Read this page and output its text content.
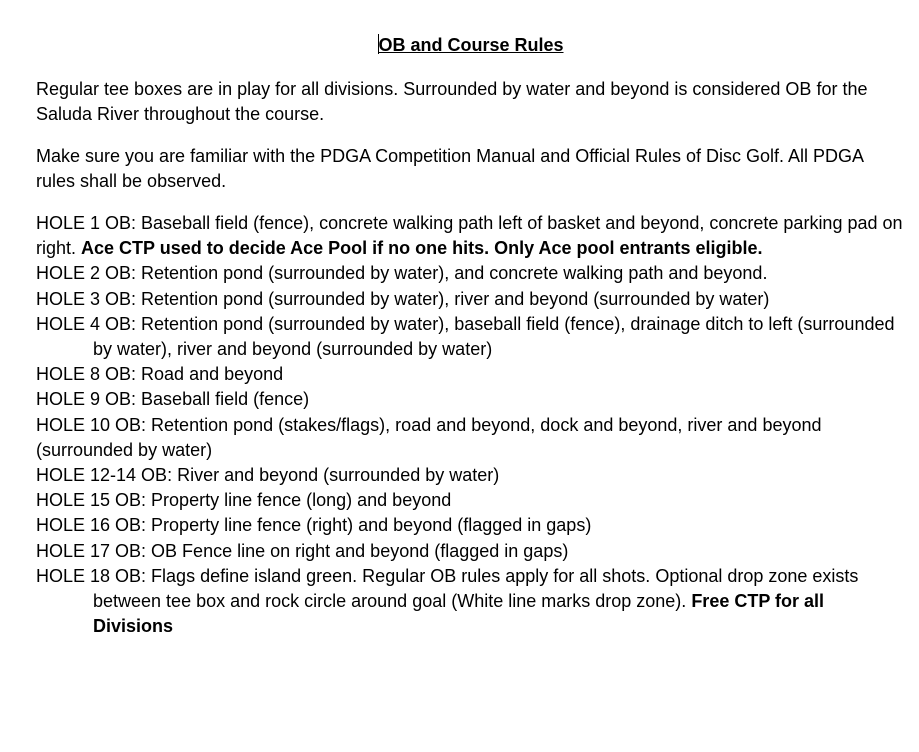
OB and Course Rules

Regular tee boxes are in play for all divisions. Surrounded by water and beyond is considered OB for the Saluda River throughout the course.

Make sure you are familiar with the PDGA Competition Manual and Official Rules of Disc Golf. All PDGA rules shall be observed.

HOLE 1 OB: Baseball field (fence), concrete walking path left of basket and beyond, concrete parking pad on right. Ace CTP used to decide Ace Pool if no one hits. Only Ace pool entrants eligible.
HOLE 2 OB: Retention pond (surrounded by water), and concrete walking path and beyond.
HOLE 3 OB: Retention pond (surrounded by water), river and beyond (surrounded by water)
HOLE 4 OB: Retention pond (surrounded by water), baseball field (fence), drainage ditch to left (surrounded by water), river and beyond (surrounded by water)
HOLE 8 OB: Road and beyond
HOLE 9 OB: Baseball field (fence)
HOLE 10 OB: Retention pond (stakes/flags), road and beyond, dock and beyond, river and beyond (surrounded by water)
HOLE 12-14 OB: River and beyond (surrounded by water)
HOLE 15 OB: Property line fence (long) and beyond
HOLE 16 OB: Property line fence (right) and beyond (flagged in gaps)
HOLE 17 OB: OB Fence line on right and beyond (flagged in gaps)
HOLE 18 OB: Flags define island green. Regular OB rules apply for all shots. Optional drop zone exists between tee box and rock circle around goal (White line marks drop zone). Free CTP for all Divisions
